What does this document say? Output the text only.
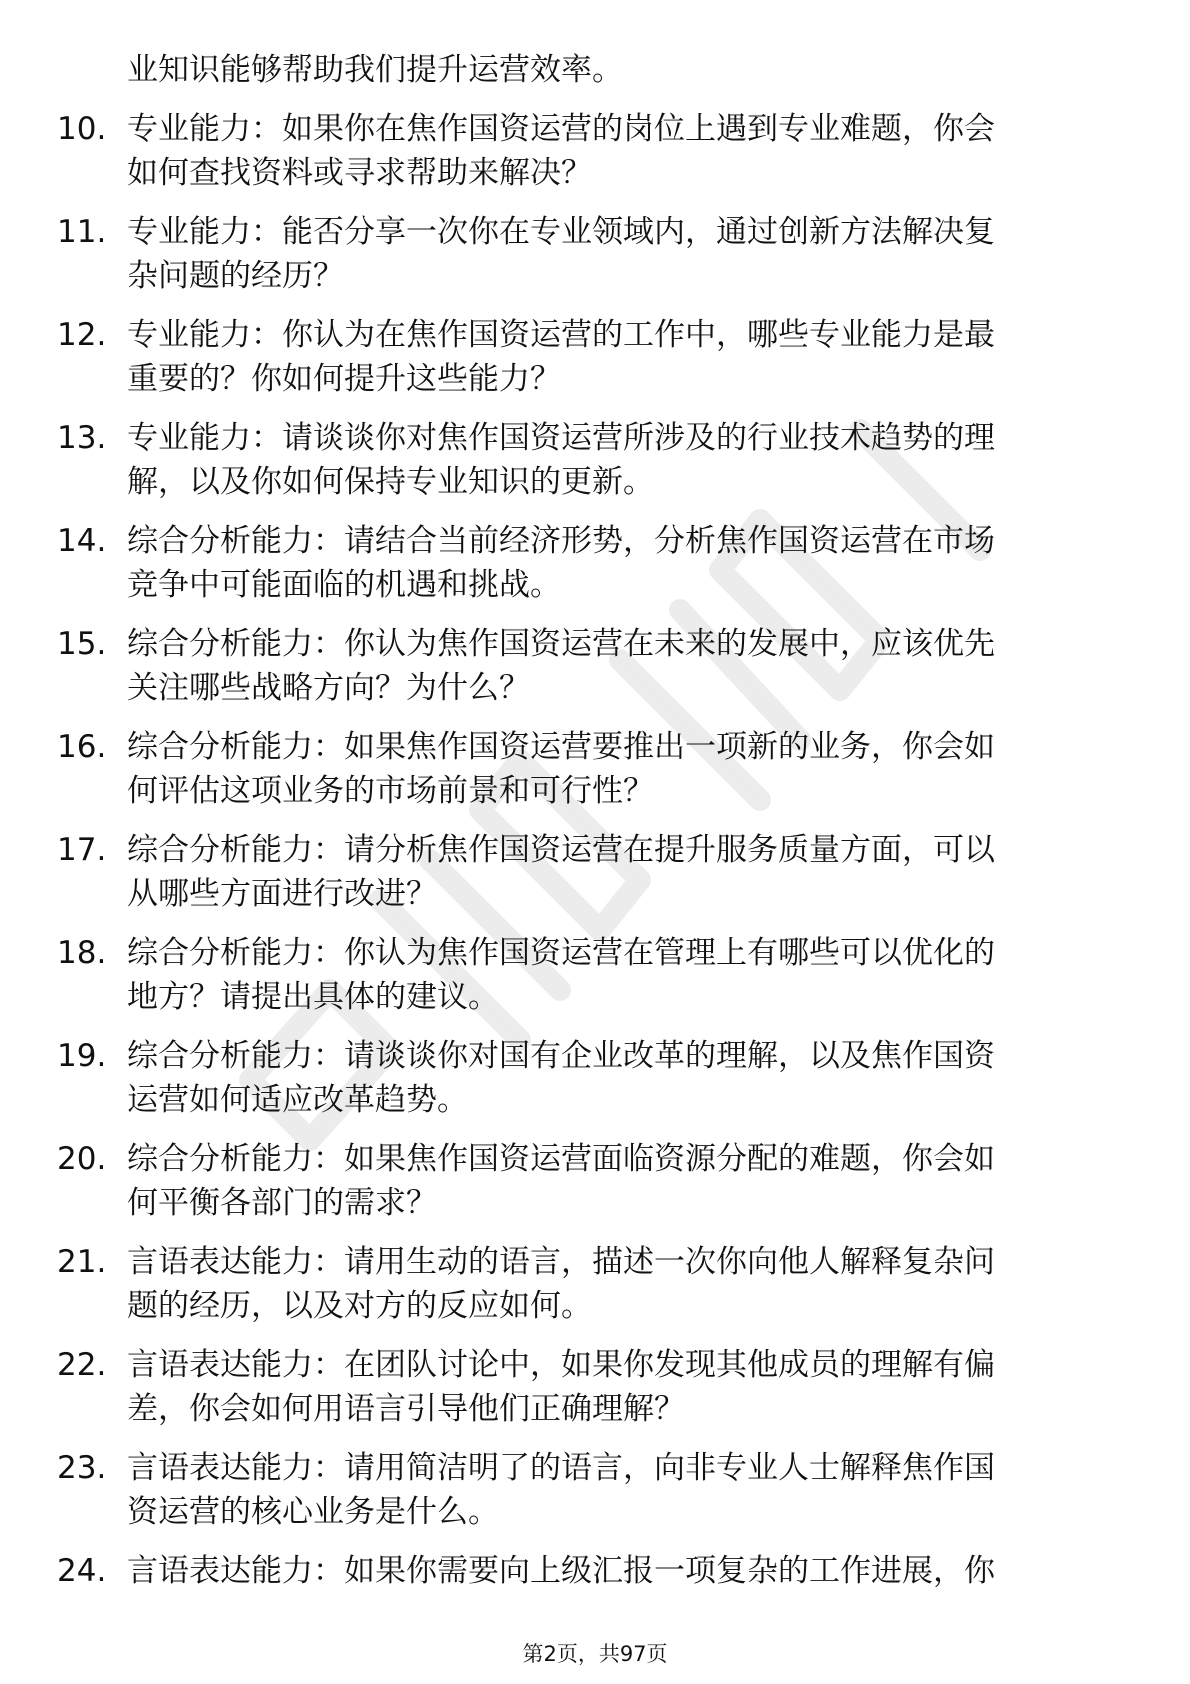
业知识能够帮助我们提升运营效率。
10. 专业能力：如果你在焦作国资运营的岗位上遇到专业难题，你会
如何查找资料或寻求帮助来解决？
11. 专业能力：能否分享一次你在专业领域内，通过创新方法解决复
杂问题的经历？
12. 专业能力：你认为在焦作国资运营的工作中，哪些专业能力是最
重要的？你如何提升这些能力？
13. 专业能力：请谈谈你对焦作国资运营所涉及的行业技术趋势的理
解，以及你如何保持专业知识的更新。
14. 综合分析能力：请结合当前经济形势，分析焦作国资运营在市场
竞争中可能面临的机遇和挑战。
15. 综合分析能力：你认为焦作国资运营在未来的发展中，应该优先
关注哪些战略方向？为什么？
16. 综合分析能力：如果焦作国资运营要推出一项新的业务，你会如
何评估这项业务的市场前景和可行性？
17. 综合分析能力：请分析焦作国资运营在提升服务质量方面，可以
从哪些方面进行改进？
18. 综合分析能力：你认为焦作国资运营在管理上有哪些可以优化的
地方？请提出具体的建议。
19. 综合分析能力：请谈谈你对国有企业改革的理解，以及焦作国资
运营如何适应改革趋势。
20. 综合分析能力：如果焦作国资运营面临资源分配的难题，你会如
何平衡各部门的需求？
21. 言语表达能力：请用生动的语言，描述一次你向他人解释复杂问
题的经历，以及对方的反应如何。
22. 言语表达能力：在团队讨论中，如果你发现其他成员的理解有偏
差，你会如何用语言引导他们正确理解？
23. 言语表达能力：请用简洁明了的语言，向非专业人士解释焦作国
资运营的核心业务是什么。
24. 言语表达能力：如果你需要向上级汇报一项复杂的工作进展，你
第2页，共97页
